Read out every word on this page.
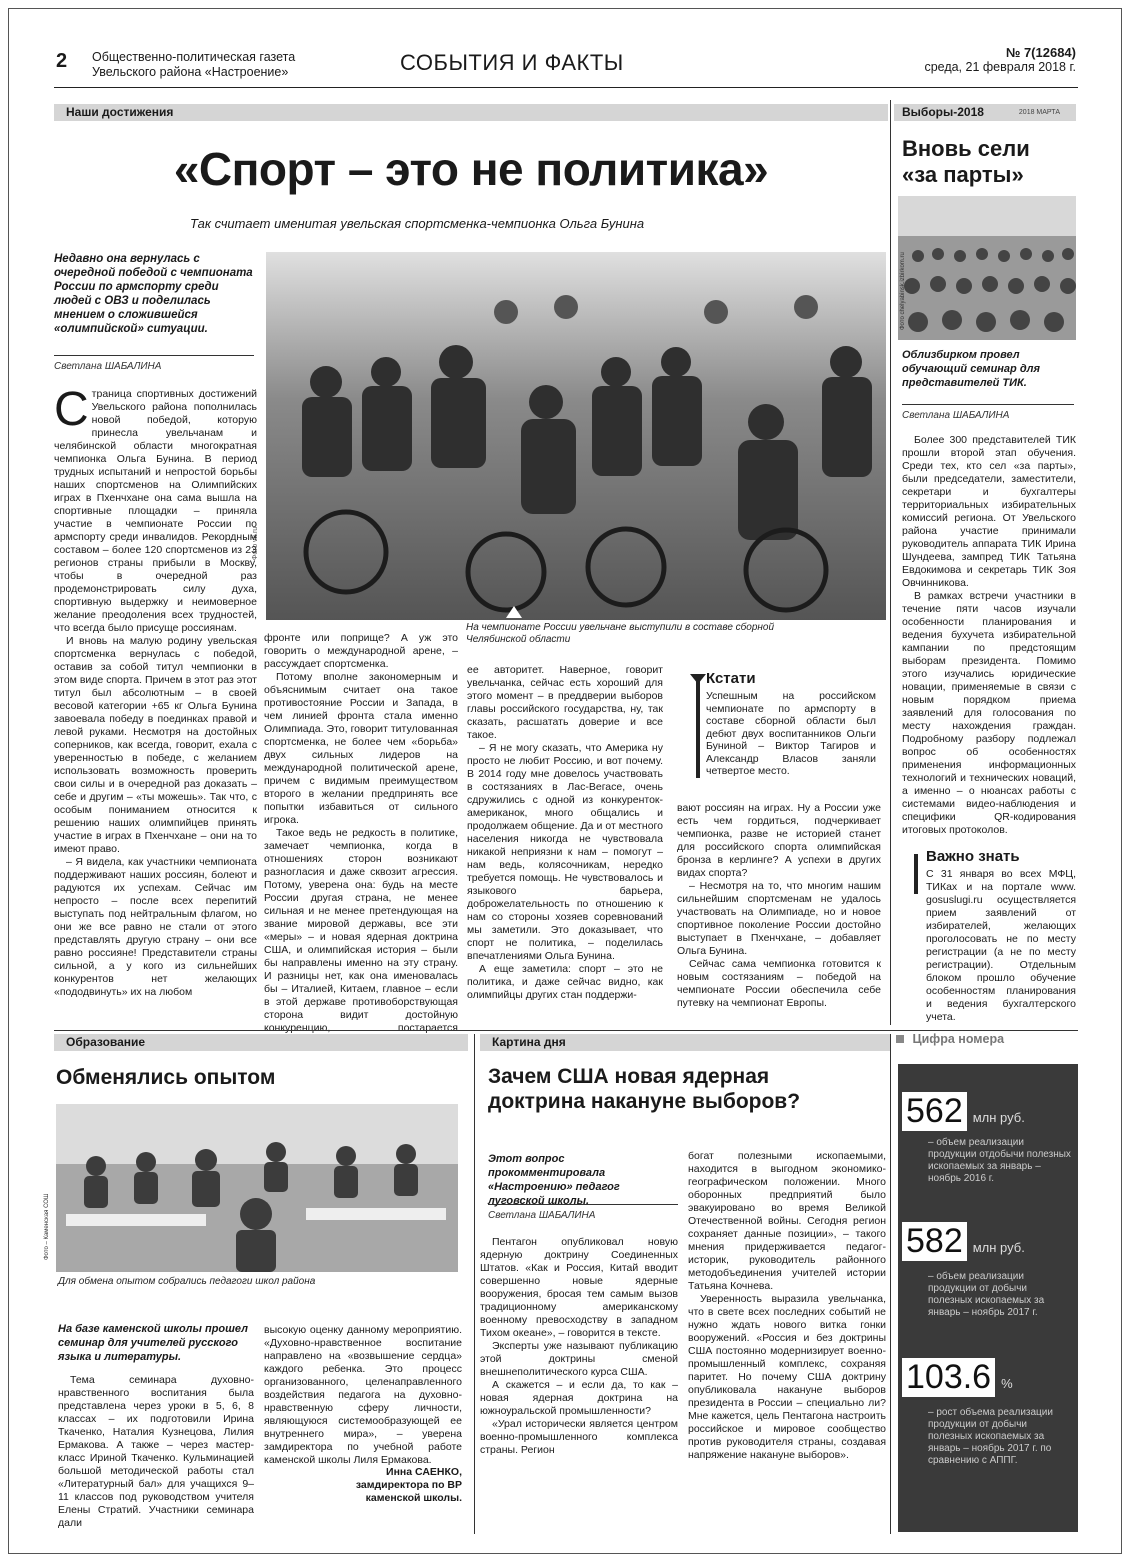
2 Общественно-политическая газета
Увельского района «Настроение»	СОБЫТИЯ И ФАКТЫ	№ 7(12684)
среда, 21 февраля 2018 г.
Наши достижения
«Спорт – это не политика»
Так считает именитая увельская спортсменка-чемпионка Ольга Бунина
Недавно она вернулась с очередной победой с чемпионата России по армспорту среди людей с ОВЗ и поделилась мнением о сложившейся «олимпийской» ситуации.
Светлана ШАБАЛИНА
Фото vk.ru
На чемпионате России увельчане выступили в составе сборной Челябинской области

Страница спортивных достижений Увельского района пополнилась новой победой, которую принесла увельчанам и челябинской области многократная чемпионка Ольга Бунина. В период трудных испытаний и непростой борьбы наших спортсменов на Олимпийских играх в Пхенчхане она сама вышла на спортивные площадки – приняла участие в чемпионате России по армспорту среди инвалидов. Рекордным составом – более 120 спортсменов из 23 регионов страны прибыли в Москву, чтобы в очередной раз продемонстрировать силу духа, спортивную выдержку и неимоверное желание преодоления всех трудностей, что всегда было присуще россиянам.

И вновь на малую родину увельская спортсменка вернулась с победой, оставив за собой титул чемпионки в этом виде спорта. Причем в этот раз этот титул был абсолютным – в своей весовой категории +65 кг Ольга Бунина завоевала победу в поединках правой и левой руками. Несмотря на достойных соперников, как всегда, говорит, ехала с уверенностью в победе, с желанием использовать возможность проверить свои силы и в очередной раз доказать – себе и другим – «ты можешь». Так что, с особым пониманием относится к решению наших олимпийцев принять участие в играх в Пхенчхане – они на то имеют право.

– Я видела, как участники чемпионата поддерживают наших россиян, болеют и радуются их успехам. Сейчас им непросто – после всех перепитий выступать под нейтральным флагом, но они же все равно не стали от этого представлять другую страну – они все равно россияне! Представители страны сильной, а у кого из сильнейших конкурентов нет желающих «пододвинуть» их на любом

фронте или поприще? А уж это говорить о международной арене, – рассуждает спортсменка.

Потому вполне закономерным и объяснимым считает она такое противостояние России и Запада, в чем линией фронта стала именно Олимпиада. Это, говорит титулованная спортсменка, не более чем «борьба» двух сильных лидеров на международной политической арене, причем с видимым преимуществом второго в желании предпринять все попытки избавиться от сильного игрока.

Такое ведь не редкость в политике, замечает чемпионка, когда в отношениях сторон возникают разногласия и даже сквозит агрессия. Потому, уверена она: будь на месте России другая страна, не менее сильная и не менее претендующая на звание мировой державы, все эти «меры» – и новая ядерная доктрина США, и олимпийская история – были бы направлены именно на эту страну. И разницы нет, как она именовалась бы – Италией, Китаем, главное – если в этой державе противоборствующая сторона видит достойную конкуренцию, постарается

ее авторитет. Наверное, говорит увельчанка, сейчас есть хороший для этого момент – в преддверии выборов главы российского государства, ну, так сказать, расшатать доверие и все такое.

– Я не могу сказать, что Америка ну просто не любит Россию, и вот почему. В 2014 году мне довелось участвовать в состязаниях в Лас-Вегасе, очень сдружились с одной из конкуренток-американок, много общались и продолжаем общение. Да и от местного населения никогда не чувствовала никакой неприязни к нам – помогут – нам ведь, колясочникам, нередко требуется помощь. Не чувствовалось и языкового барьера, доброжелательность по отношению к нам со стороны хозяев соревнований мы заметили. Это доказывает, что спорт не политика, – поделилась впечатлениями Ольга Бунина.

А еще заметила: спорт – это не политика, и даже сейчас видно, как олимпийцы других стан поддержи-

Кстати
Успешным на российском чемпионате по армспорту в составе сборной области был дебют двух воспитанников Ольги Буниной – Виктор Тагиров и Александр Власов заняли четвертое место.

вают россиян на играх. Ну а России уже есть чем гордиться, подчеркивает чемпионка, разве не историей станет для российского спорта олимпийская бронза в керлинге? А успехи в других видах спорта?

– Несмотря на то, что многим нашим сильнейшим спортсменам не удалось участвовать на Олимпиаде, но и новое спортивное поколение России достойно выступает в Пхенчхане, – добавляет Ольга Бунина.

Сейчас сама чемпионка готовится к новым состязаниям – победой на чемпионате России обеспечила себе путевку на чемпионат Европы.

Выборы-2018	2018 МАРТА
Вновь сели
«за парты»
Фото chelyabinsk.izbirkom.ru
Облизбирком провел обучающий семинар для представителей ТИК.
Светлана ШАБАЛИНА

Более 300 представителей ТИК прошли второй этап обучения. Среди тех, кто сел «за парты», были председатели, заместители, секретари и бухгалтеры территориальных избирательных комиссий региона. От Увельского района участие принимали руководитель аппарата ТИК Ирина Шундеева, зампред ТИК Татьяна Евдокимова и секретарь ТИК Зоя Овчинникова.

В рамках встречи участники в течение пяти часов изучали особенности планирования и ведения бухучета избирательной кампании по предстоящим выборам президента. Помимо этого изучались юридические новации, применяемые в связи с новым порядком приема заявлений для голосования по месту нахождения граждан. Подробному разбору подлежал вопрос об особенностях применения информационных технологий и технических новаций, а именно – о нюансах работы с системами видео-наблюдения и специфики QR-кодирования итоговых протоколов.

Важно знать
С 31 января во всех МФЦ, ТИКах и на портале www. gosuslugi.ru осуществляется прием заявлений от избирателей, желающих проголосовать не по месту регистрации (а не по месту регистрации). Отдельным блоком прошло обучение особенностям планирования и ведения бухгалтерского учета.
Образование
Обменялись опытом
Фото – Каменская СОШ
Для обмена опытом собрались педагоги школ района
На базе каменской школы прошел семинар для учителей русского языка и литературы.

Тема семинара духовно-нравственного воспитания была представлена через уроки в 5, 6, 8 классах – их подготовили Ирина Ткаченко, Наталия Кузнецова, Лилия Ермакова. А также – через мастер-класс Ириной Ткаченко. Кульминацией большой методической работы стал «Литературный бал» для учащихся 9–11 классов под руководством учителя Елены Стратий. Участники семинара дали

высокую оценку данному мероприятию. «Духовно-нравственное воспитание направлено на «возвышение сердца» каждого ребенка. Это процесс организованного, целенаправленного воздействия педагога на духовно-нравственную сферу личности, являющуюся системообразующей ее внутреннего мира», – уверена замдиректора по учебной работе каменской школы Лиля Ермакова.

Инна САЕНКО,
замдиректора по ВР каменской школы.
Картина дня
Зачем США новая ядерная доктрина накануне выборов?
Этот вопрос прокомментировала «Настроению» педагог луговской школы.
Светлана ШАБАЛИНА

Пентагон опубликовал новую ядерную доктрину Соединенных Штатов. «Как и Россия, Китай вводит совершенно новые ядерные вооружения, бросая тем самым вызов традиционному американскому военному превосходству в западном Тихом океане», – говорится в тексте.

Эксперты уже называют публикацию этой доктрины сменой внешнеполитического курса США.

А скажется – и если да, то как – новая ядерная доктрина на южноуральской промышленности?

«Урал исторически является центром военно-промышленного комплекса страны. Регион

богат полезными ископаемыми, находится в выгодном экономико-географическом положении. Много оборонных предприятий было эвакуировано во время Великой Отечественной войны. Сегодня регион сохраняет данные позиции», – такого мнения придерживается педагог-историк, руководитель районного методобъединения учителей истории Татьяна Кочнева.

Уверенность выразила увельчанка, что в свете всех последних событий не нужно ждать нового витка гонки вооружений. «Россия и без доктрины США постоянно модернизирует военно-промышленный комплекс, сохраняя паритет. Но почему США доктрину опубликовала накануне выборов президента в России – специально ли? Мне кажется, цель Пентагона настроить российское и мировое сообщество против руководителя страны, создавая напряжение накануне выборов».

Цифра номера
562 млн руб.
– объем реализации продукции отдобычи полезных ископаемых за январь – ноябрь 2016 г.
582 млн руб.
– объем реализации продукции от добычи полезных ископаемых за январь – ноябрь 2017 г.
103.6 %
– рост объема реализации продукции от добычи полезных ископаемых за январь – ноябрь 2017 г. по сравнению с АППГ.
